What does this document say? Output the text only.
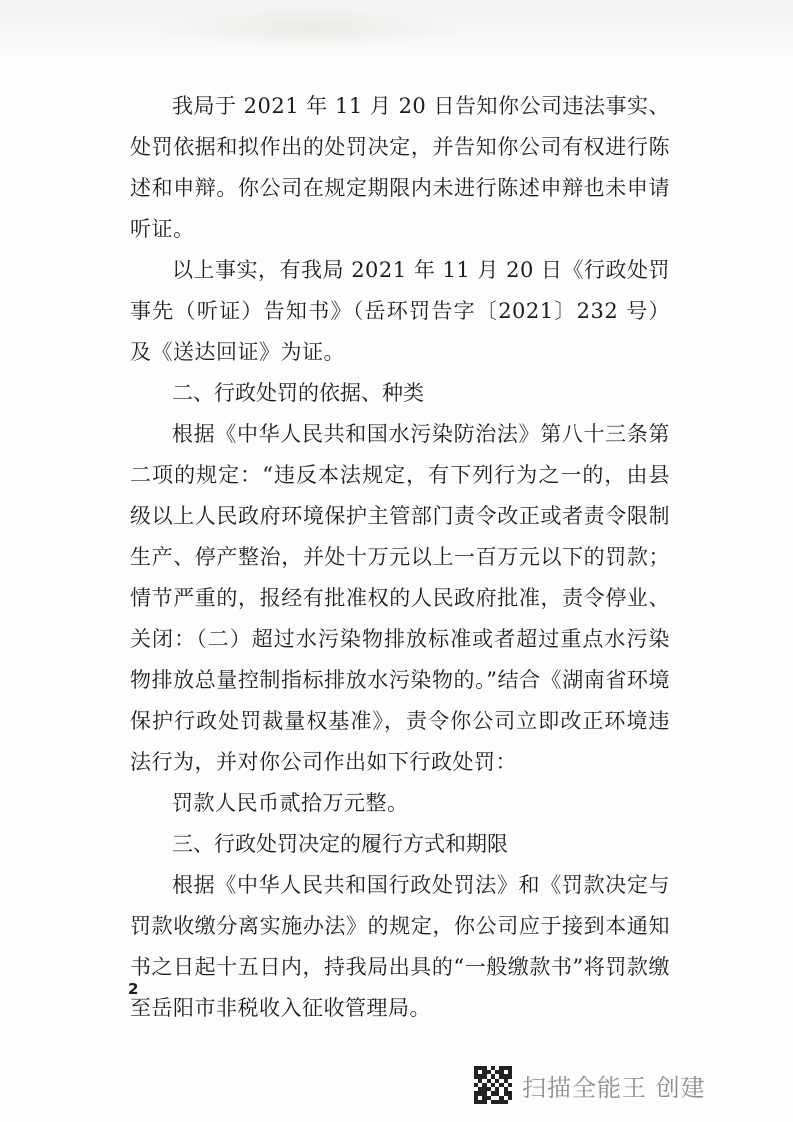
我局于 2021 年 11 月 20 日告知你公司违法事实、处罚依据和拟作出的处罚决定，并告知你公司有权进行陈述和申辩。你公司在规定期限内未进行陈述申辩也未申请听证。

以上事实，有我局 2021 年 11 月 20 日《行政处罚事先（听证）告知书》（岳环罚告字〔2021〕232 号）及《送达回证》为证。

二、行政处罚的依据、种类

根据《中华人民共和国水污染防治法》第八十三条第二项的规定：“违反本法规定，有下列行为之一的，由县级以上人民政府环境保护主管部门责令改正或者责令限制生产、停产整治，并处十万元以上一百万元以下的罚款；情节严重的，报经有批准权的人民政府批准，责令停业、关闭：（二）超过水污染物排放标准或者超过重点水污染物排放总量控制指标排放水污染物的。”结合《湖南省环境保护行政处罚裁量权基准》，责令你公司立即改正环境违法行为，并对你公司作出如下行政处罚：

罚款人民币贰拾万元整。

三、行政处罚决定的履行方式和期限

根据《中华人民共和国行政处罚法》和《罚款决定与罚款收缴分离实施办法》的规定，你公司应于接到本通知书之日起十五日内，持我局出具的“一般缴款书”将罚款缴至岳阳市非税收入征收管理局。

2
扫描全能王 创建
